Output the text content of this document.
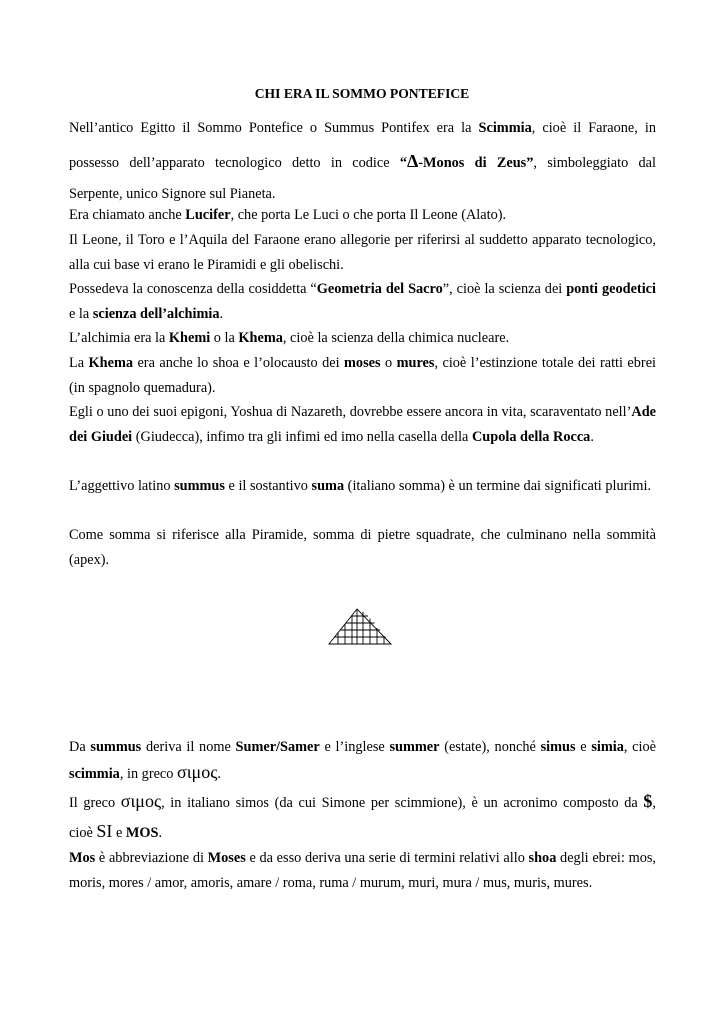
CHI ERA IL SOMMO PONTEFICE
Nell’antico Egitto il Sommo Pontefice o Summus Pontifex era la Scimmia, cioè il Faraone, in
possesso dell’apparato tecnologico detto in codice “Δ-Monos di Zeus”, simboleggiato dal
Serpente, unico Signore sul Pianeta.
Era chiamato anche Lucifer, che porta Le Luci o che porta Il Leone (Alato).
Il Leone, il Toro e l’Aquila del Faraone erano allegorie per riferirsi al suddetto apparato tecnologico, alla cui base vi erano le Piramidi e gli obelischi.
Possedeva la conoscenza della cosiddetta “Geometria del Sacro”, cioè la scienza dei ponti geodetici e la scienza dell’alchimia.
L’alchimia era la Khemi o la Khema, cioè la scienza della chimica nucleare.
La Khema era anche lo shoa e l’olocausto dei moses o mures, cioè l’estinzione totale dei ratti ebrei (in spagnolo quemadura).
Egli o uno dei suoi epigoni, Yoshua di Nazareth, dovrebbe essere ancora in vita, scaraventato nell’Ade dei Giudei (Giudecca), infimo tra gli infimi ed imo nella casella della Cupola della Rocca.
L’aggettivo latino summus e il sostantivo suma (italiano somma) è un termine dai significati plurimi.
Come somma si riferisce alla Piramide, somma di pietre squadrate, che culminano nella sommità (apex).
Da summus deriva il nome Sumer/Samer e l’inglese summer (estate), nonché simus e simia, cioè scimmia, in greco σιμος.
Il greco σιμος, in italiano simos (da cui Simone per scimmione), è un acronimo composto da $,
cioè SI e MOS.
Mos è abbreviazione di Moses e da esso deriva una serie di termini relativi allo shoa degli ebrei: mos, moris, mores / amor, amoris, amare / roma, ruma / murum, muri, mura / mus, muris, mures.
